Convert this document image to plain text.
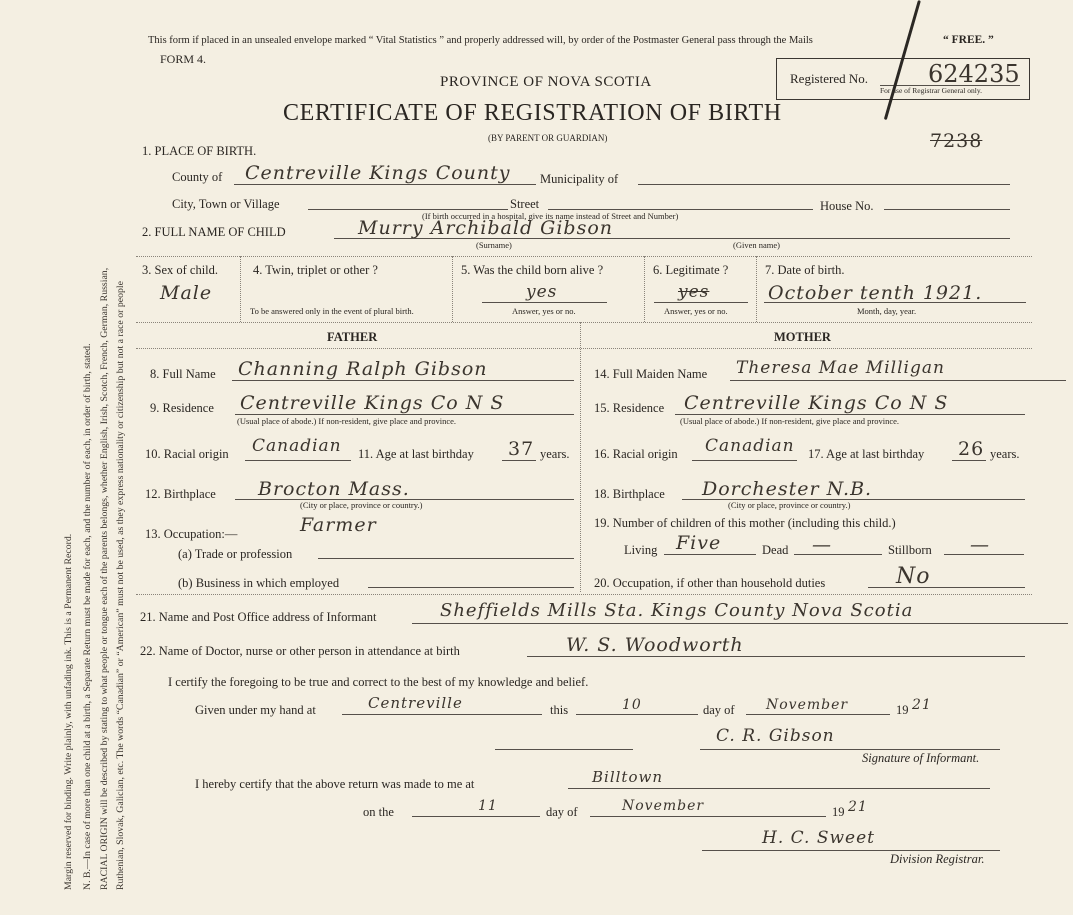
Margin reserved for binding. Write plainly, with unfading ink. This is a Permanent Record. N. B.—In case of more than one child at a birth, a Separate Return must be made for each, and the number of each, in order of birth, stated. RACIAL ORIGIN will be described by stating to what people or tongue each of the parents belongs, whether English, Irish, Scotch, French, German, Russian, Ruthenian, Slovak, Galician, etc. The words “Canadian” or “American” must not be used, as they express nationality or citizenship but not a race or people
This form if placed in an unsealed envelope marked “ Vital Statistics ” and properly addressed will, by order of the Postmaster General pass through the Mails	“ FREE. ”
FORM 4.
PROVINCE OF NOVA SCOTIA
CERTIFICATE OF REGISTRATION OF BIRTH
(BY PARENT OR GUARDIAN)
Registered No.	624235
For use of Registrar General only.
7238
1. PLACE OF BIRTH.
County of Centreville Kings County Municipality of
City, Town or Village	Street	House No.
(If birth occurred in a hospital, give its name instead of Street and Number)
2. FULL NAME OF CHILD	Murry Archibald Gibson
(Surname)	(Given name)
3. Sex of child.
Male
4. Twin, triplet or other ?
To be answered only in the event of plural birth.
5. Was the child born alive ?
yes
Answer, yes or no.
6. Legitimate ?
yes
Answer, yes or no.
7. Date of birth.
October tenth 1921.
Month, day, year.
FATHER	MOTHER
8. Full Name Channing Ralph Gibson
9. Residence Centreville Kings Co N S
(Usual place of abode.) If non-resident, give place and province.
10. Racial origin Canadian 11. Age at last birthday 37 years.
12. Birthplace Brocton Mass.
(City or place, province or country.)
13. Occupation:—	Farmer
(a) Trade or profession
(b) Business in which employed
14. Full Maiden Name Theresa Mae Milligan
15. Residence Centreville Kings Co N S
(Usual place of abode.) If non-resident, give place and province.
16. Racial origin Canadian 17. Age at last birthday 26 years.
18. Birthplace Dorchester N.B.
(City or place, province or country.)
19. Number of children of this mother (including this child.)
Living Five	Dead —	Stillborn —
20. Occupation, if other than household duties	No
21. Name and Post Office address of Informant	Sheffields Mills Sta. Kings County Nova Scotia
22. Name of Doctor, nurse or other person in attendance at birth	W. S. Woodworth
I certify the foregoing to be true and correct to the best of my knowledge and belief.
Given under my hand at	Centreville	this	10	day of November	19 21
C. R. Gibson
Signature of Informant.
I hereby certify that the above return was made to me at	Billtown
on the	11	day of	November	19 21
H. C. Sweet
Division Registrar.
